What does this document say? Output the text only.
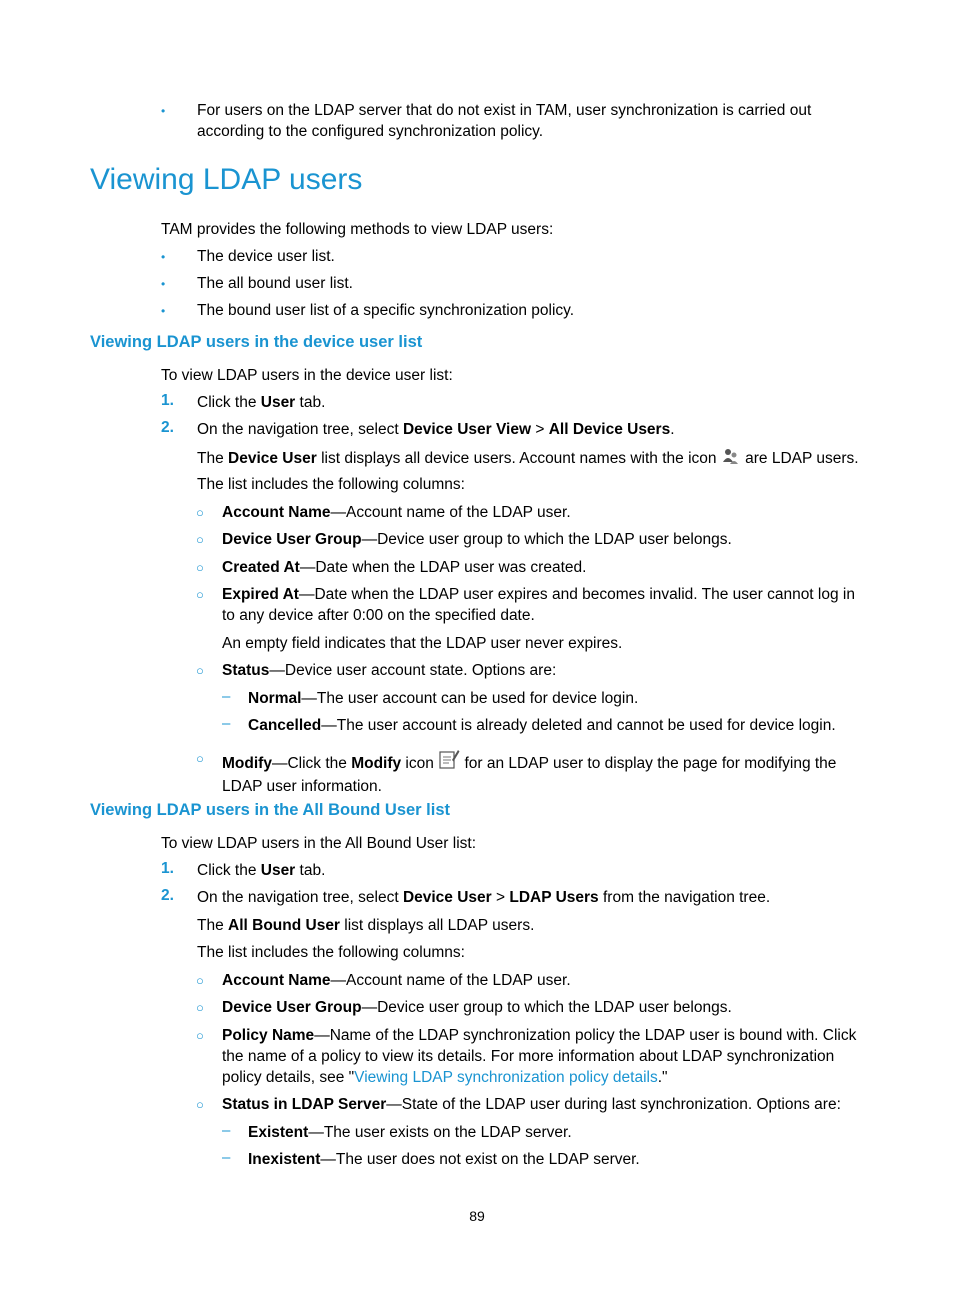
• For users on the LDAP server that do not exist in TAM, user synchronization is carried out according to the configured synchronization policy.
Viewing LDAP users
TAM provides the following methods to view LDAP users:
• The device user list.
• The all bound user list.
• The bound user list of a specific synchronization policy.
Viewing LDAP users in the device user list
To view LDAP users in the device user list:
1. Click the User tab.
2. On the navigation tree, select Device User View > All Device Users.
The Device User list displays all device users. Account names with the icon  are LDAP users.
The list includes the following columns:
○ Account Name—Account name of the LDAP user.
○ Device User Group—Device user group to which the LDAP user belongs.
○ Created At—Date when the LDAP user was created.
○ Expired At—Date when the LDAP user expires and becomes invalid. The user cannot log in to any device after 0:00 on the specified date.
An empty field indicates that the LDAP user never expires.
○ Status—Device user account state. Options are:
– Normal—The user account can be used for device login.
– Cancelled—The user account is already deleted and cannot be used for device login.
○ Modify—Click the Modify icon  for an LDAP user to display the page for modifying the LDAP user information.
Viewing LDAP users in the All Bound User list
To view LDAP users in the All Bound User list:
1. Click the User tab.
2. On the navigation tree, select Device User > LDAP Users from the navigation tree.
The All Bound User list displays all LDAP users.
The list includes the following columns:
○ Account Name—Account name of the LDAP user.
○ Device User Group—Device user group to which the LDAP user belongs.
○ Policy Name—Name of the LDAP synchronization policy the LDAP user is bound with. Click the name of a policy to view its details. For more information about LDAP synchronization policy details, see "Viewing LDAP synchronization policy details."
○ Status in LDAP Server—State of the LDAP user during last synchronization. Options are:
– Existent—The user exists on the LDAP server.
– Inexistent—The user does not exist on the LDAP server.
89
